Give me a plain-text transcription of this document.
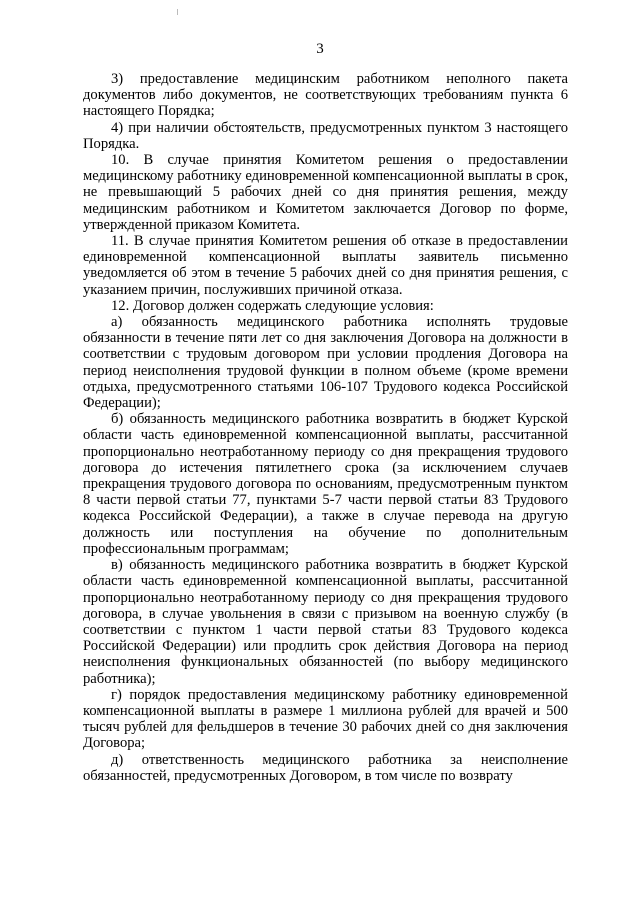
3

3) предоставление медицинским работником неполного пакета документов либо документов, не соответствующих требованиям пункта 6 настоящего Порядка;

4) при наличии обстоятельств, предусмотренных пунктом 3 настоящего Порядка.

10. В случае принятия Комитетом решения о предоставлении медицинскому работнику единовременной компенсационной выплаты в срок, не превышающий 5 рабочих дней со дня принятия решения, между медицинским работником и Комитетом заключается Договор по форме, утвержденной приказом Комитета.

11. В случае принятия Комитетом решения об отказе в предоставлении единовременной компенсационной выплаты заявитель письменно уведомляется об этом в течение 5 рабочих дней со дня принятия решения, с указанием причин, послуживших причиной отказа.

12. Договор должен содержать следующие условия:

а) обязанность медицинского работника исполнять трудовые обязанности в течение пяти лет со дня заключения Договора на должности в соответствии с трудовым договором при условии продления Договора на период неисполнения трудовой функции в полном объеме (кроме времени отдыха, предусмотренного статьями 106-107 Трудового кодекса Российской Федерации);

б) обязанность медицинского работника возвратить в бюджет Курской области часть единовременной компенсационной выплаты, рассчитанной пропорционально неотработанному периоду со дня прекращения трудового договора до истечения пятилетнего срока (за исключением случаев прекращения трудового договора по основаниям, предусмотренным пунктом 8 части первой статьи 77, пунктами 5-7 части первой статьи 83 Трудового кодекса Российской Федерации), а также в случае перевода на другую должность или поступления на обучение по дополнительным профессиональным программам;

в) обязанность медицинского работника возвратить в бюджет Курской области часть единовременной компенсационной выплаты, рассчитанной пропорционально неотработанному периоду со дня прекращения трудового договора, в случае увольнения в связи с призывом на военную службу (в соответствии с пунктом 1 части первой статьи 83 Трудового кодекса Российской Федерации) или продлить срок действия Договора на период неисполнения функциональных обязанностей (по выбору медицинского работника);

г) порядок предоставления медицинскому работнику единовременной компенсационной выплаты в размере 1 миллиона рублей для врачей и 500 тысяч рублей для фельдшеров в течение 30 рабочих дней со дня заключения Договора;

д) ответственность медицинского работника за неисполнение обязанностей, предусмотренных Договором, в том числе по возврату
